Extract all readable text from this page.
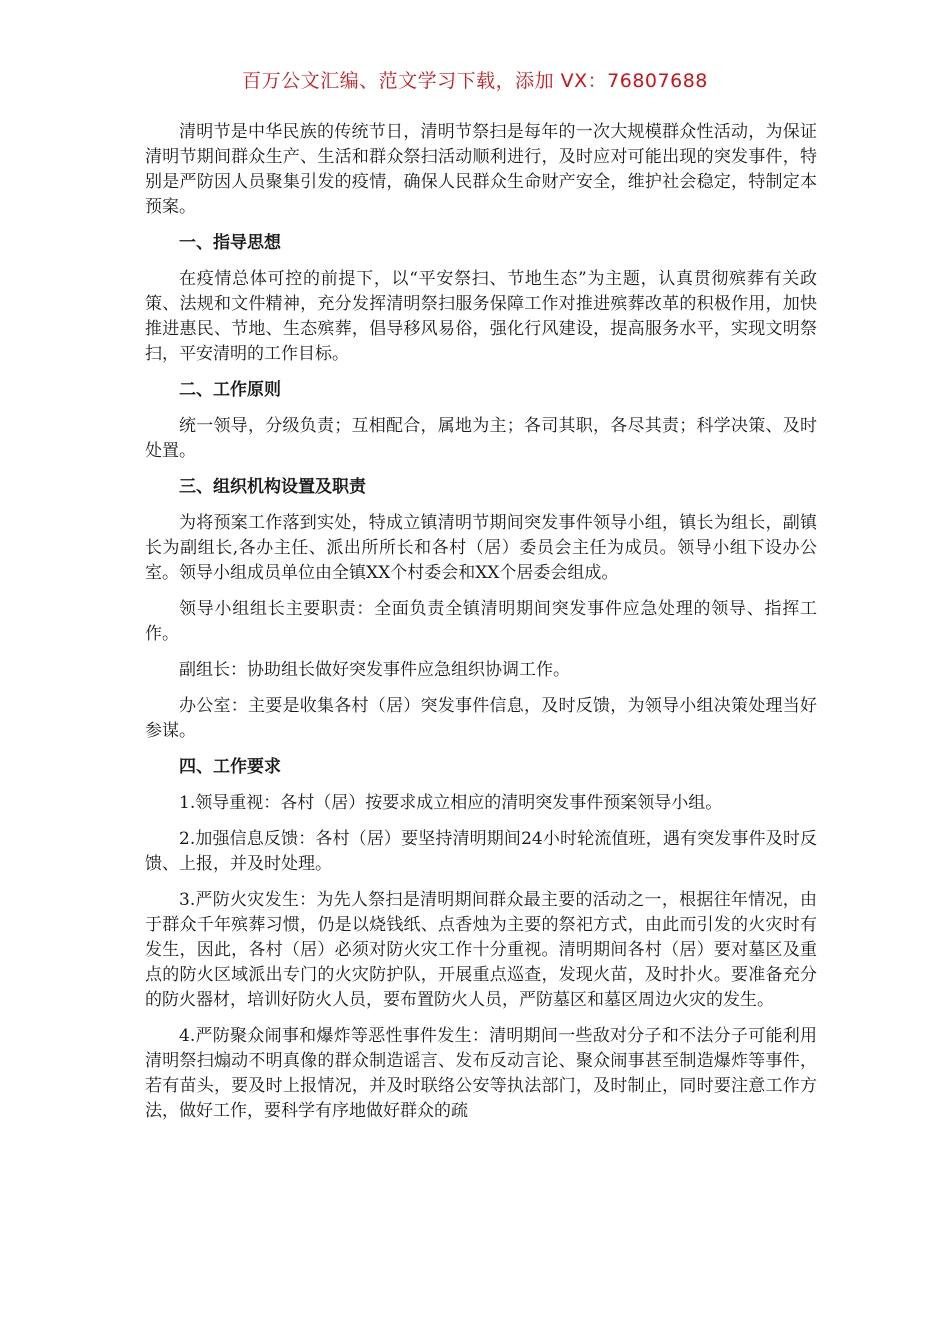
百万公文汇编、范文学习下载，添加 VX：76807688

清明节是中华民族的传统节日，清明节祭扫是每年的一次大规模群众性活动，为保证清明节期间群众生产、生活和群众祭扫活动顺利进行，及时应对可能出现的突发事件，特别是严防因人员聚集引发的疫情，确保人民群众生命财产安全，维护社会稳定，特制定本预案。

一、指导思想

在疫情总体可控的前提下，以“平安祭扫、节地生态”为主题，认真贯彻殡葬有关政策、法规和文件精神，充分发挥清明祭扫服务保障工作对推进殡葬改革的积极作用，加快推进惠民、节地、生态殡葬，倡导移风易俗，强化行风建设，提高服务水平，实现文明祭扫，平安清明的工作目标。

二、工作原则

统一领导，分级负责；互相配合，属地为主；各司其职，各尽其责；科学决策、及时处置。

三、组织机构设置及职责

为将预案工作落到实处，特成立镇清明节期间突发事件领导小组，镇长为组长，副镇长为副组长,各办主任、派出所所长和各村（居）委员会主任为成员。领导小组下设办公室。领导小组成员单位由全镇XX个村委会和XX个居委会组成。

领导小组组长主要职责：全面负责全镇清明期间突发事件应急处理的领导、指挥工作。

副组长：协助组长做好突发事件应急组织协调工作。

办公室：主要是收集各村（居）突发事件信息，及时反馈，为领导小组决策处理当好参谋。

四、工作要求

1.领导重视：各村（居）按要求成立相应的清明突发事件预案领导小组。

2.加强信息反馈：各村（居）要坚持清明期间24小时轮流值班，遇有突发事件及时反馈、上报，并及时处理。

3.严防火灾发生：为先人祭扫是清明期间群众最主要的活动之一，根据往年情况，由于群众千年殡葬习惯，仍是以烧钱纸、点香烛为主要的祭祀方式，由此而引发的火灾时有发生，因此，各村（居）必须对防火灾工作十分重视。清明期间各村（居）要对墓区及重点的防火区域派出专门的火灾防护队，开展重点巡查，发现火苗，及时扑火。要准备充分的防火器材，培训好防火人员，要布置防火人员，严防墓区和墓区周边火灾的发生。

4.严防聚众闹事和爆炸等恶性事件发生：清明期间一些敌对分子和不法分子可能利用清明祭扫煽动不明真像的群众制造谣言、发布反动言论、聚众闹事甚至制造爆炸等事件，若有苗头，要及时上报情况，并及时联络公安等执法部门，及时制止，同时要注意工作方法，做好工作，要科学有序地做好群众的疏
